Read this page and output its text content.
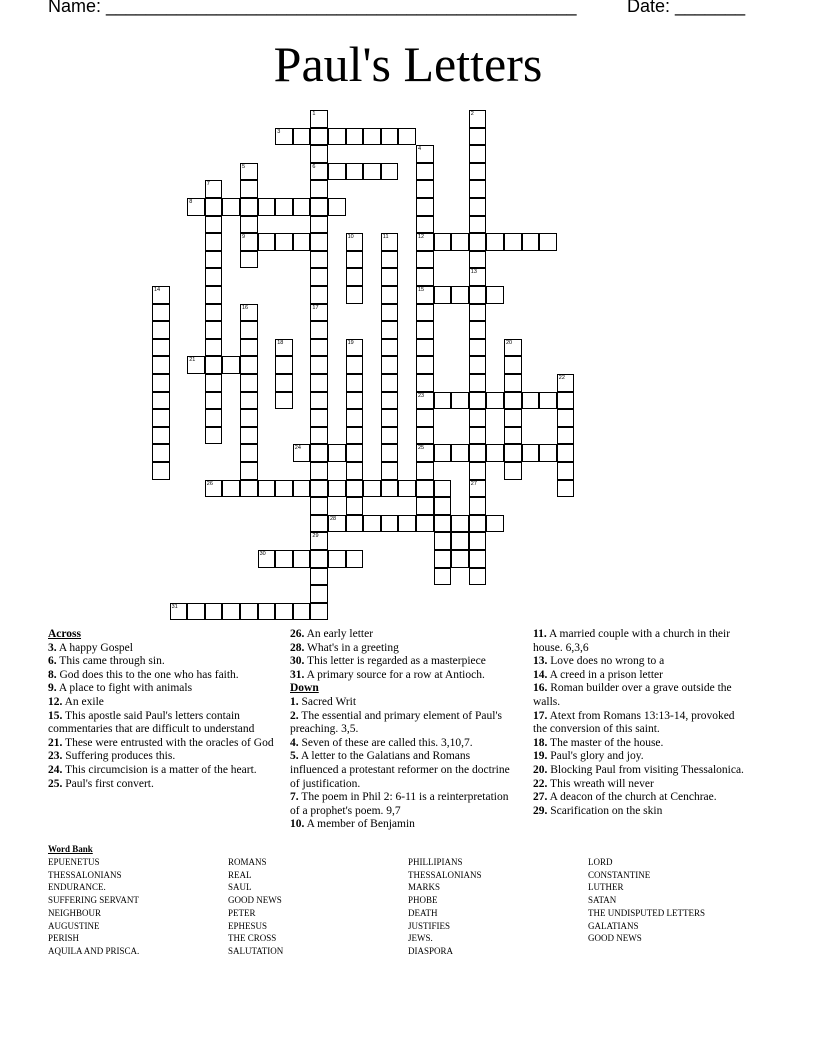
Name: _______________________________________________	Date: _______
Paul's Letters
1	2
3
4
5	6
7
8
9	10	11	12
13
14	15
16	17
18	19	20
21
22
23
24	25
26	27
28
29
30
31
Across
3. A happy Gospel
6. This came through sin.
8. God does this to the one who has faith.
9. A place to fight with animals
12. An exile
15. This apostle said Paul's letters contain commentaries that are difficult to understand
21. These were entrusted with the oracles of God
23. Suffering produces this.
24. This circumcision is a matter of the heart.
25. Paul's first convert.
26. An early letter
28. What's in a greeting
30. This letter is regarded as a masterpiece
31. A primary source for a row at Antioch.
Down
1. Sacred Writ
2. The essential and primary element of Paul's preaching. 3,5.
4. Seven of these are called this. 3,10,7.
5. A letter to the Galatians and Romans influenced a protestant reformer on the doctrine of justification.
7. The poem in Phil 2: 6-11 is a reinterpretation of a prophet's poem. 9,7
10. A member of Benjamin
11. A married couple with a church in their house. 6,3,6
13. Love does no wrong to a
14. A creed in a prison letter
16. Roman builder over a grave outside the walls.
17. Atext from Romans 13:13-14, provoked the conversion of this saint.
18. The master of the house.
19. Paul's glory and joy.
20. Blocking Paul from visiting Thessalonica.
22. This wreath will never
27. A deacon of the church at Cenchrae.
29. Scarification on the skin
Word Bank
EPUENETUS
THESSALONIANS
ENDURANCE.
SUFFERING SERVANT
NEIGHBOUR
AUGUSTINE
PERISH
AQUILA AND PRISCA.
ROMANS
REAL
SAUL
GOOD NEWS
PETER
EPHESUS
THE CROSS
SALUTATION
PHILLIPIANS
THESSALONIANS
MARKS
PHOBE
DEATH
JUSTIFIES
JEWS.
DIASPORA
LORD
CONSTANTINE
LUTHER
SATAN
THE UNDISPUTED LETTERS
GALATIANS
GOOD NEWS
